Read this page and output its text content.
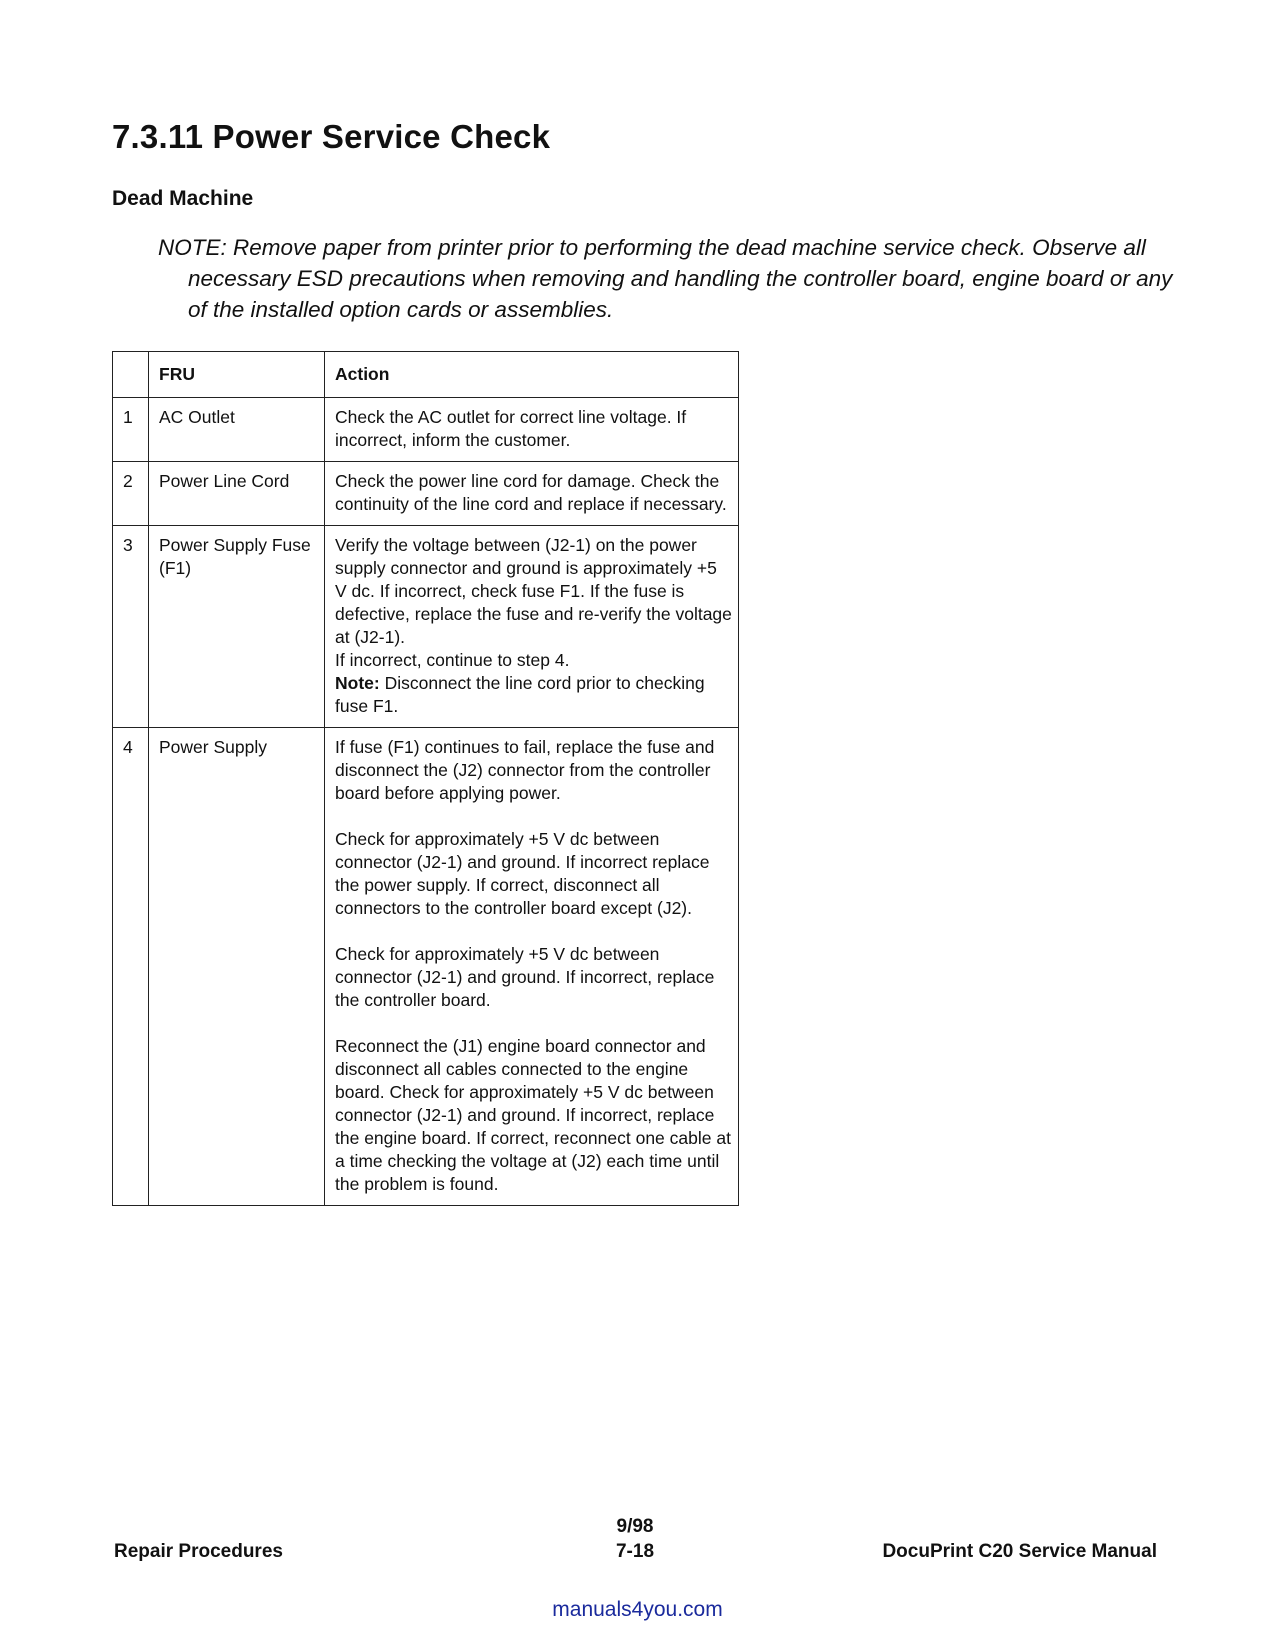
7.3.11 Power Service Check
Dead Machine

NOTE: Remove paper from printer prior to performing the dead machine service check. Observe all necessary ESD precautions when removing and handling the controller board, engine board or any of the installed option cards or assemblies.

	FRU	Action
1	AC Outlet	Check the AC outlet for correct line voltage. If incorrect, inform the customer.
2	Power Line Cord	Check the power line cord for damage. Check the continuity of the line cord and replace if necessary.
3	Power Supply Fuse (F1)	Verify the voltage between (J2-1) on the power supply connector and ground is approximately +5 V dc. If incorrect, check fuse F1. If the fuse is defective, replace the fuse and re-verify the voltage at (J2-1).
If incorrect, continue to step 4.
Note: Disconnect the line cord prior to checking fuse F1.

4	Power Supply	If fuse (F1) continues to fail, replace the fuse and disconnect the (J2) connector from the controller board before applying power.
Check for approximately +5 V dc between connector (J2-1) and ground. If incorrect replace the power supply. If correct, disconnect all connectors to the controller board except (J2).
Check for approximately +5 V dc between connector (J2-1) and ground. If incorrect, replace the controller board.
Reconnect the (J1) engine board connector and disconnect all cables connected to the engine board. Check for approximately +5 V dc between connector (J2-1) and ground. If incorrect, replace the engine board. If correct, reconnect one cable at a time checking the voltage at (J2) each time until the problem is found.

9/98

Repair Procedures	7-18	DocuPrint C20 Service Manual

manuals4you.com
